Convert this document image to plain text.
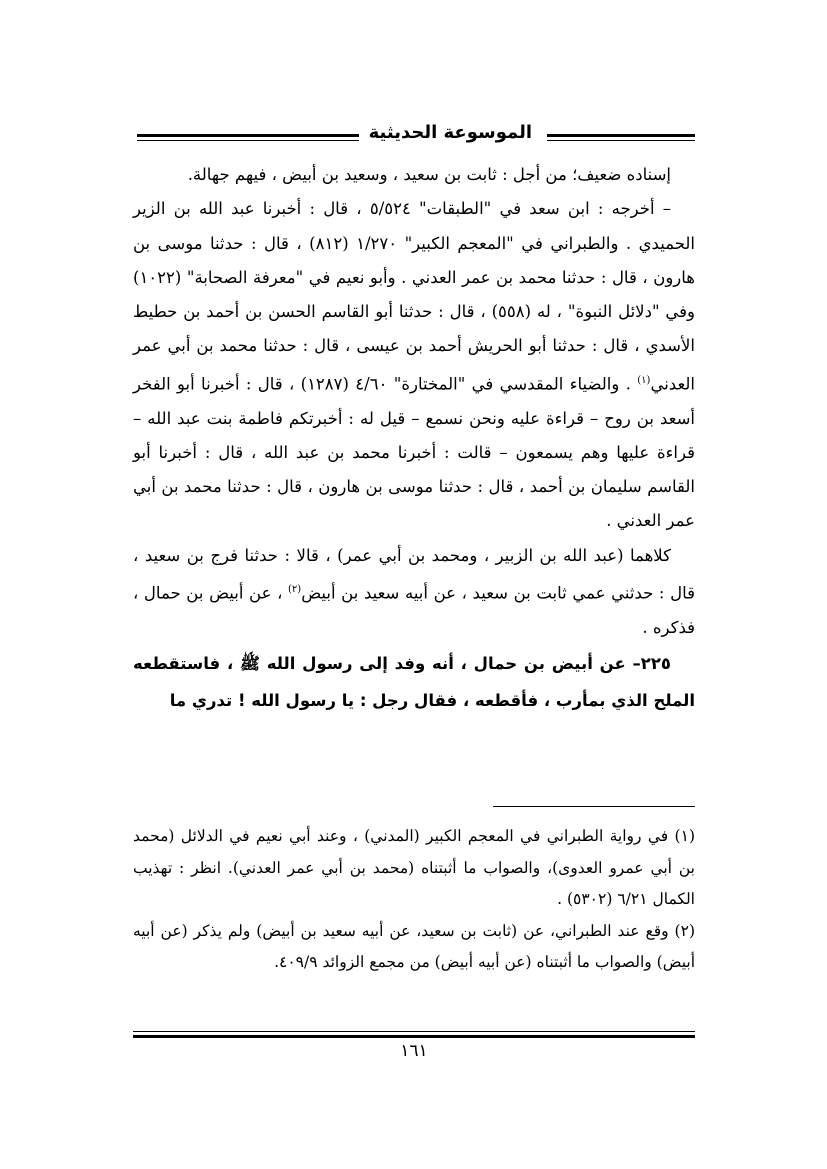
الموسوعة الحديثية

إسناده ضعيف؛ من أجل : ثابت بن سعيد ، وسعيد بن أبيض ، فيهم جهالة.

– أخرجه : ابن سعد في "الطبقات" ٥/٥٢٤ ، قال : أخبرنا عبد الله بن الزير الحميدي . والطبراني في "المعجم الكبير" ١/٢٧٠ (٨١٢) ، قال : حدثنا موسى بن هارون ، قال : حدثنا محمد بن عمر العدني . وأبو نعيم في "معرفة الصحابة" (١٠٢٢) وفي "دلائل النبوة" ، له (٥٥٨) ، قال : حدثنا أبو القاسم الحسن بن أحمد بن حطيط الأسدي ، قال : حدثنا أبو الحريش أحمد بن عيسى ، قال : حدثنا محمد بن أبي عمر العدني$^{(١)}$ . والضياء المقدسي في "المختارة" ٤/٦٠ (١٢٨٧) ، قال : أخبرنا أبو الفخر أسعد بن روح – قراءة عليه ونحن نسمع – قيل له : أخبرتكم فاطمة بنت عبد الله – قراءة عليها وهم يسمعون – قالت : أخبرنا محمد بن عبد الله ، قال : أخبرنا أبو القاسم سليمان بن أحمد ، قال : حدثنا موسى بن هارون ، قال : حدثنا محمد بن أبي عمر العدني .

كلاهما (عبد الله بن الزبير ، ومحمد بن أبي عمر) ، قالا : حدثنا فرج بن سعيد ، قال : حدثني عمي ثابت بن سعيد ، عن أبيه سعيد بن أبيض$^{(٢)}$ ، عن أبيض بن حمال ، فذكره .

٢٢٥– عن أبيض بن حمال ، أنه وفد إلى رسول الله ﷺ ، فاستقطعه الملح الذي بمأرب ، فأقطعه ، فقال رجل : يا رسول الله ! تدري ما

(١) في رواية الطبراني في المعجم الكبير (المدني) ، وعند أبي نعيم في الدلائل (محمد بن أبي عمرو العدوى)، والصواب ما أثبتناه (محمد بن أبي عمر العدني). انظر : تهذيب الكمال ٦/٢١ (٥٣٠٢) .

(٢) وقع عند الطبراني، عن (ثابت بن سعيد، عن أبيه سعيد بن أبيض) ولم يذكر (عن أبيه أبيض) والصواب ما أثبتناه (عن أبيه أبيض) من مجمع الزوائد ٤٠٩/٩.

١٦١
